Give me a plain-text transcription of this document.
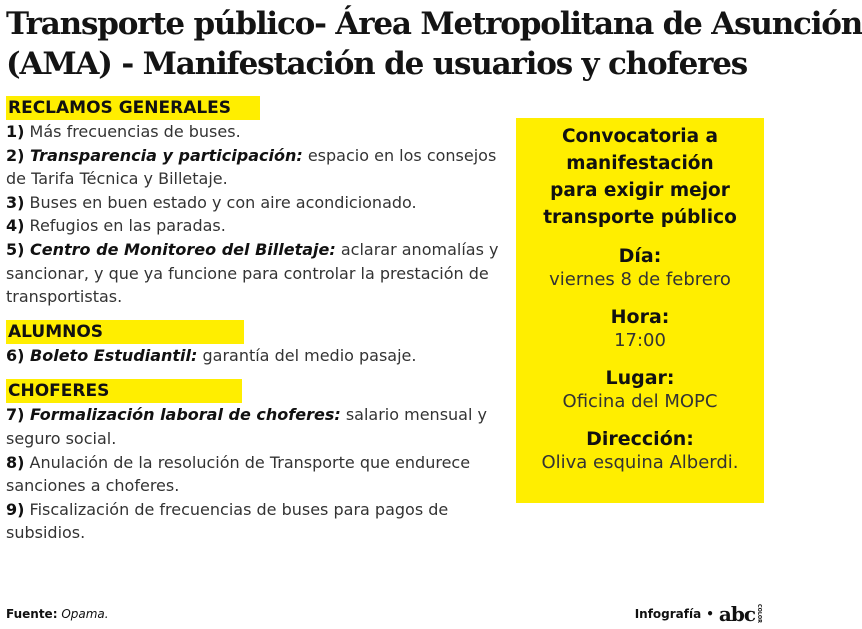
Transporte público- Área Metropolitana de Asunción
(AMA) - Manifestación de usuarios y choferes
RECLAMOS GENERALES
1) Más frecuencias de buses.
2) Transparencia y participación: espacio en los consejos de Tarifa Técnica y Billetaje.
3) Buses en buen estado y con aire acondicionado.
4) Refugios en las paradas.
5) Centro de Monitoreo del Billetaje: aclarar anomalías y sancionar, y que ya funcione para controlar la prestación de transportistas.
ALUMNOS
6) Boleto Estudiantil: garantía del medio pasaje.
CHOFERES
7) Formalización laboral de choferes: salario mensual y seguro social.
8) Anulación de la resolución de Transporte que endurece sanciones a choferes.
9) Fiscalización de frecuencias de buses para pagos de subsidios.
Convocatoria a
manifestación
para exigir mejor
transporte público
Día:
viernes 8 de febrero
Hora:
17:00
Lugar:
Oficina del MOPC
Dirección:
Oliva esquina Alberdi.
Fuente: Opama.	Infografía • abc COLOR
